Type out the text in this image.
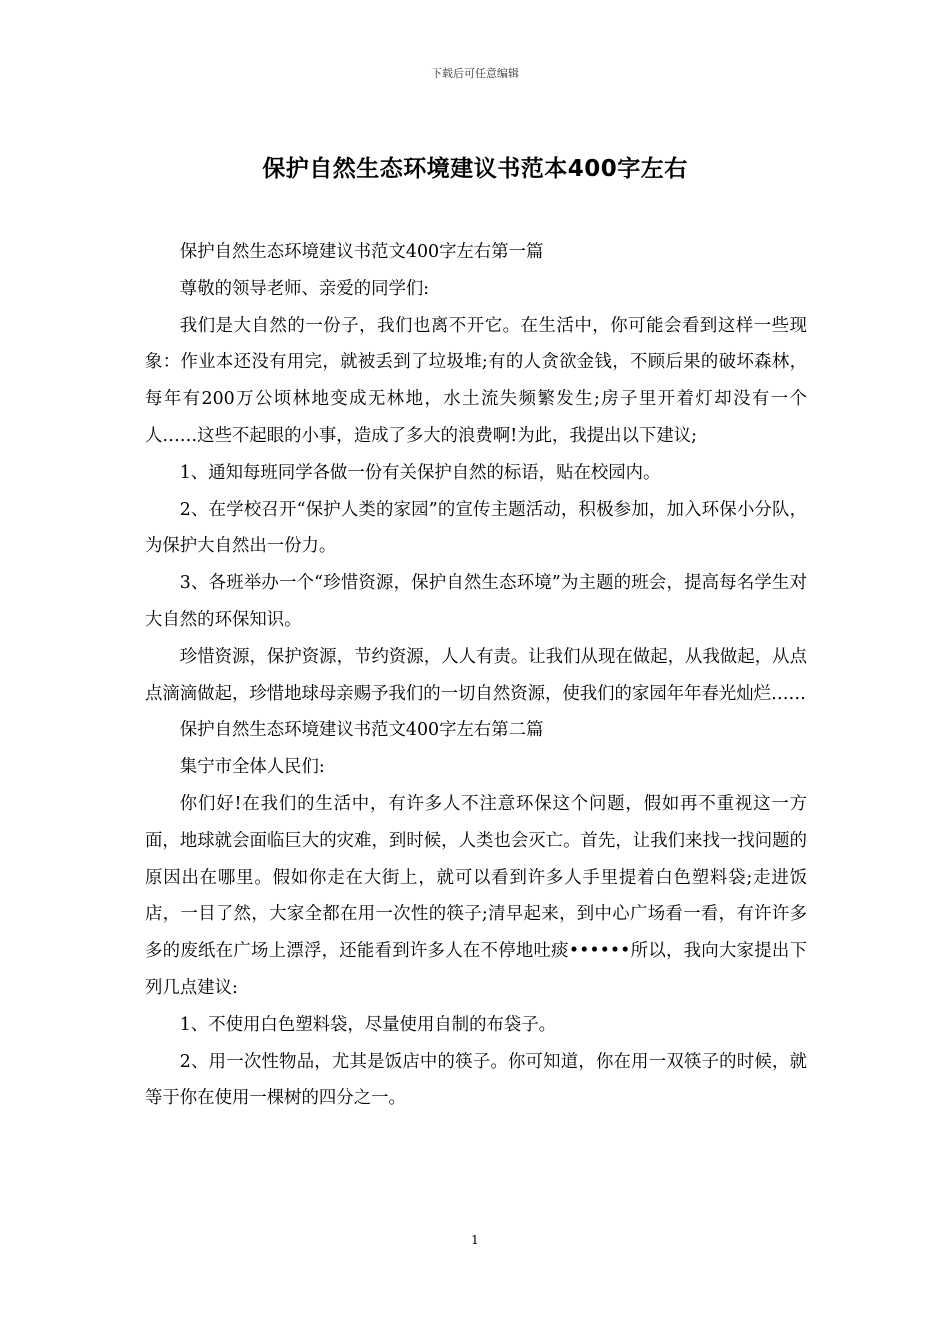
下载后可任意编辑
保护自然生态环境建议书范本400字左右

保护自然生态环境建议书范文400字左右第一篇

尊敬的领导老师、亲爱的同学们:

我们是大自然的一份子，我们也离不开它。在生活中，你可能会看到这样一些现象：作业本还没有用完，就被丢到了垃圾堆;有的人贪欲金钱，不顾后果的破坏森林，每年有200万公顷林地变成无林地，水土流失频繁发生;房子里开着灯却没有一个人……这些不起眼的小事，造成了多大的浪费啊!为此，我提出以下建议;

1、通知每班同学各做一份有关保护自然的标语，贴在校园内。

2、在学校召开“保护人类的家园”的宣传主题活动，积极参加，加入环保小分队，为保护大自然出一份力。

3、各班举办一个“珍惜资源，保护自然生态环境”为主题的班会，提高每名学生对大自然的环保知识。

珍惜资源，保护资源，节约资源，人人有责。让我们从现在做起，从我做起，从点点滴滴做起，珍惜地球母亲赐予我们的一切自然资源，使我们的家园年年春光灿烂……

保护自然生态环境建议书范文400字左右第二篇

集宁市全体人民们:

你们好!在我们的生活中，有许多人不注意环保这个问题，假如再不重视这一方面，地球就会面临巨大的灾难，到时候，人类也会灭亡。首先，让我们来找一找问题的原因出在哪里。假如你走在大街上，就可以看到许多人手里提着白色塑料袋;走进饭店，一目了然，大家全都在用一次性的筷子;清早起来，到中心广场看一看，有许许多多的废纸在广场上漂浮，还能看到许多人在不停地吐痰••••••所以，我向大家提出下列几点建议:

1、不使用白色塑料袋，尽量使用自制的布袋子。

2、用一次性物品，尤其是饭店中的筷子。你可知道，你在用一双筷子的时候，就等于你在使用一棵树的四分之一。

1
